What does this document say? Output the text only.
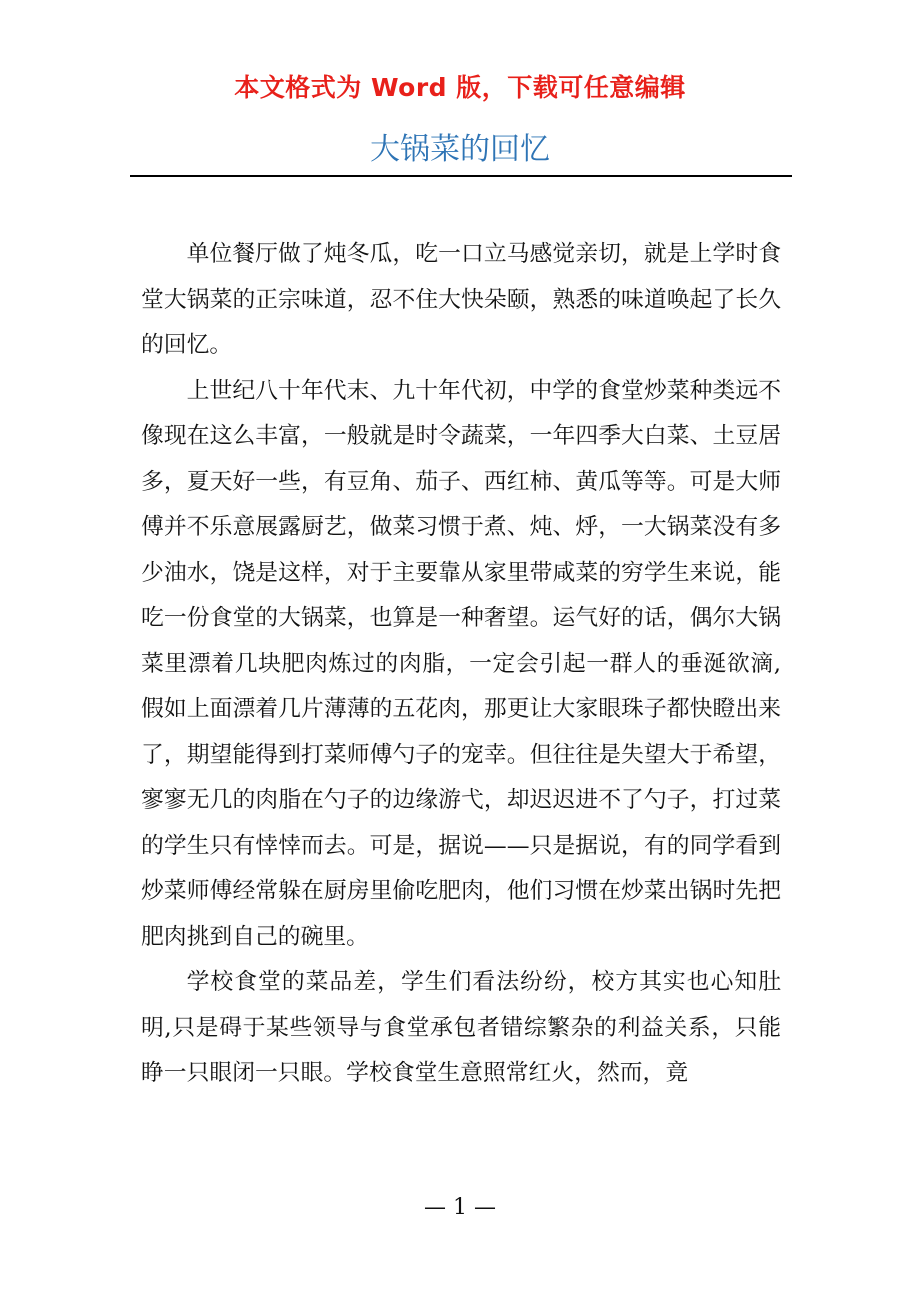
本文格式为 Word 版，下载可任意编辑
大锅菜的回忆

单位餐厅做了炖冬瓜，吃一口立马感觉亲切，就是上学时食堂大锅菜的正宗味道，忍不住大快朵颐，熟悉的味道唤起了长久的回忆。

上世纪八十年代末、九十年代初，中学的食堂炒菜种类远不像现在这么丰富，一般就是时令蔬菜，一年四季大白菜、土豆居多，夏天好一些，有豆角、茄子、西红柿、黄瓜等等。可是大师傅并不乐意展露厨艺，做菜习惯于煮、炖、烀，一大锅菜没有多少油水，饶是这样，对于主要靠从家里带咸菜的穷学生来说，能吃一份食堂的大锅菜，也算是一种奢望。运气好的话，偶尔大锅菜里漂着几块肥肉炼过的肉脂，一定会引起一群人的垂涎欲滴,假如上面漂着几片薄薄的五花肉，那更让大家眼珠子都快瞪出来了，期望能得到打菜师傅勺子的宠幸。但往往是失望大于希望，寥寥无几的肉脂在勺子的边缘游弋，却迟迟进不了勺子，打过菜的学生只有悻悻而去。可是，据说——只是据说，有的同学看到炒菜师傅经常躲在厨房里偷吃肥肉，他们习惯在炒菜出锅时先把肥肉挑到自己的碗里。

学校食堂的菜品差，学生们看法纷纷，校方其实也心知肚明,只是碍于某些领导与食堂承包者错综繁杂的利益关系，只能睁一只眼闭一只眼。学校食堂生意照常红火，然而，竟

— 1 —
